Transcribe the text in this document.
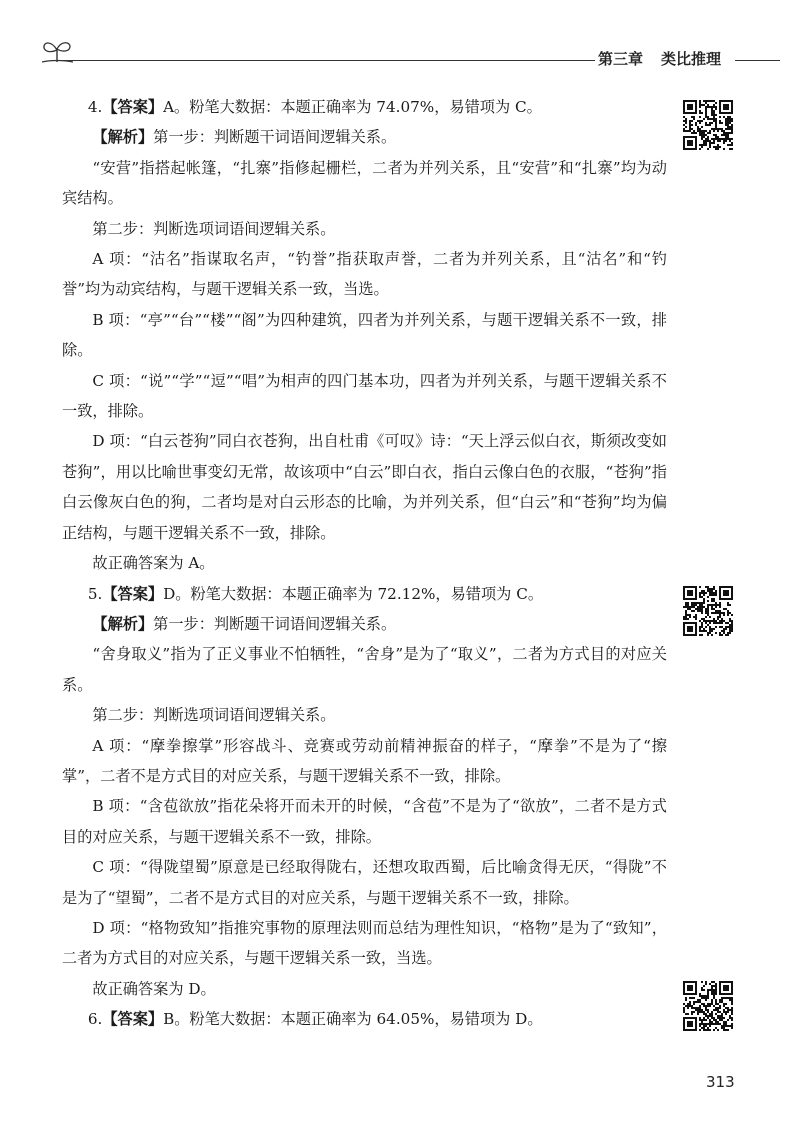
第三章 类比推理

4.【答案】A。粉笔大数据：本题正确率为 74.07%，易错项为 C。

【解析】第一步：判断题干词语间逻辑关系。

“安营”指搭起帐篷，“扎寨”指修起栅栏，二者为并列关系，且“安营”和“扎寨”均为动宾结构。

第二步：判断选项词语间逻辑关系。

A 项：“沽名”指谋取名声，“钓誉”指获取声誉，二者为并列关系，且“沽名”和“钓誉”均为动宾结构，与题干逻辑关系一致，当选。

B 项：“亭”“台”“楼”“阁”为四种建筑，四者为并列关系，与题干逻辑关系不一致，排除。

C 项：“说”“学”“逗”“唱”为相声的四门基本功，四者为并列关系，与题干逻辑关系不一致，排除。

D 项：“白云苍狗”同白衣苍狗，出自杜甫《可叹》诗：“天上浮云似白衣，斯须改变如苍狗”，用以比喻世事变幻无常，故该项中“白云”即白衣，指白云像白色的衣服，“苍狗”指白云像灰白色的狗，二者均是对白云形态的比喻，为并列关系，但“白云”和“苍狗”均为偏正结构，与题干逻辑关系不一致，排除。

故正确答案为 A。

5.【答案】D。粉笔大数据：本题正确率为 72.12%，易错项为 C。

【解析】第一步：判断题干词语间逻辑关系。

“舍身取义”指为了正义事业不怕牺牲，“舍身”是为了“取义”，二者为方式目的对应关系。

第二步：判断选项词语间逻辑关系。

A 项：“摩拳擦掌”形容战斗、竞赛或劳动前精神振奋的样子，“摩拳”不是为了“擦掌”，二者不是方式目的对应关系，与题干逻辑关系不一致，排除。

B 项：“含苞欲放”指花朵将开而未开的时候，“含苞”不是为了“欲放”，二者不是方式目的对应关系，与题干逻辑关系不一致，排除。

C 项：“得陇望蜀”原意是已经取得陇右，还想攻取西蜀，后比喻贪得无厌，“得陇”不是为了“望蜀”，二者不是方式目的对应关系，与题干逻辑关系不一致，排除。

D 项：“格物致知”指推究事物的原理法则而总结为理性知识，“格物”是为了“致知”，二者为方式目的对应关系，与题干逻辑关系一致，当选。

故正确答案为 D。

6.【答案】B。粉笔大数据：本题正确率为 64.05%，易错项为 D。

313
